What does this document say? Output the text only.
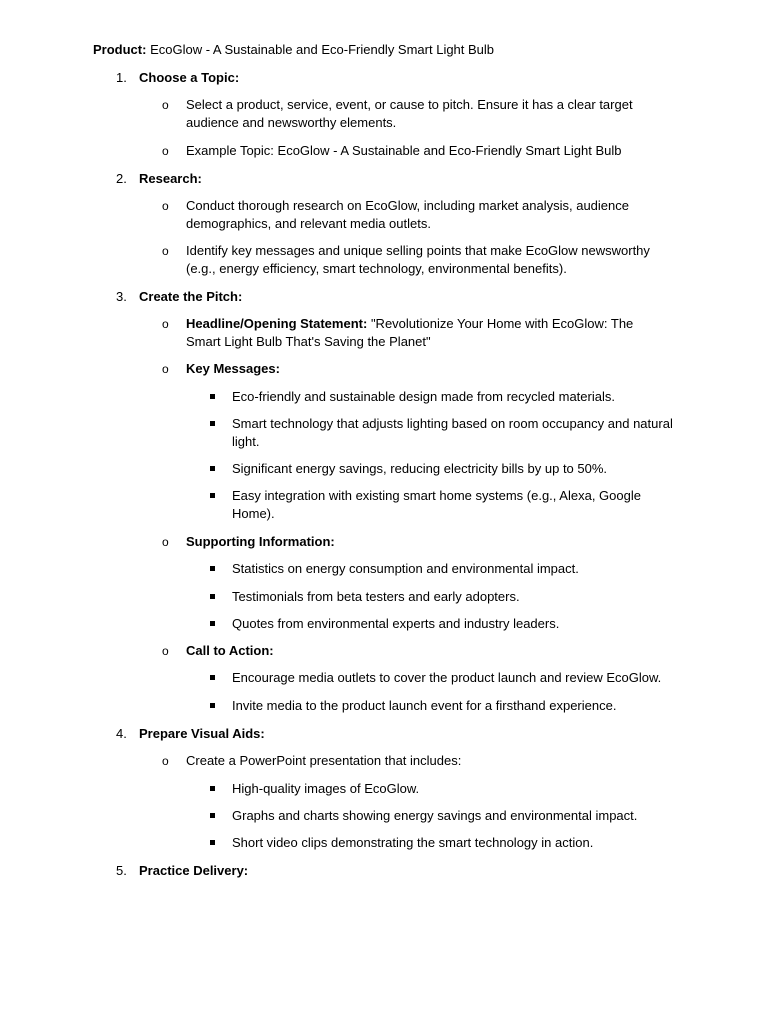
Product: EcoGlow - A Sustainable and Eco-Friendly Smart Light Bulb
1. Choose a Topic:
o Select a product, service, event, or cause to pitch. Ensure it has a clear target audience and newsworthy elements.
o Example Topic: EcoGlow - A Sustainable and Eco-Friendly Smart Light Bulb
2. Research:
o Conduct thorough research on EcoGlow, including market analysis, audience demographics, and relevant media outlets.
o Identify key messages and unique selling points that make EcoGlow newsworthy (e.g., energy efficiency, smart technology, environmental benefits).
3. Create the Pitch:
o Headline/Opening Statement: "Revolutionize Your Home with EcoGlow: The Smart Light Bulb That's Saving the Planet"
o Key Messages:
Eco-friendly and sustainable design made from recycled materials.
Smart technology that adjusts lighting based on room occupancy and natural light.
Significant energy savings, reducing electricity bills by up to 50%.
Easy integration with existing smart home systems (e.g., Alexa, Google Home).
o Supporting Information:
Statistics on energy consumption and environmental impact.
Testimonials from beta testers and early adopters.
Quotes from environmental experts and industry leaders.
o Call to Action:
Encourage media outlets to cover the product launch and review EcoGlow.
Invite media to the product launch event for a firsthand experience.
4. Prepare Visual Aids:
o Create a PowerPoint presentation that includes:
High-quality images of EcoGlow.
Graphs and charts showing energy savings and environmental impact.
Short video clips demonstrating the smart technology in action.
5. Practice Delivery:
